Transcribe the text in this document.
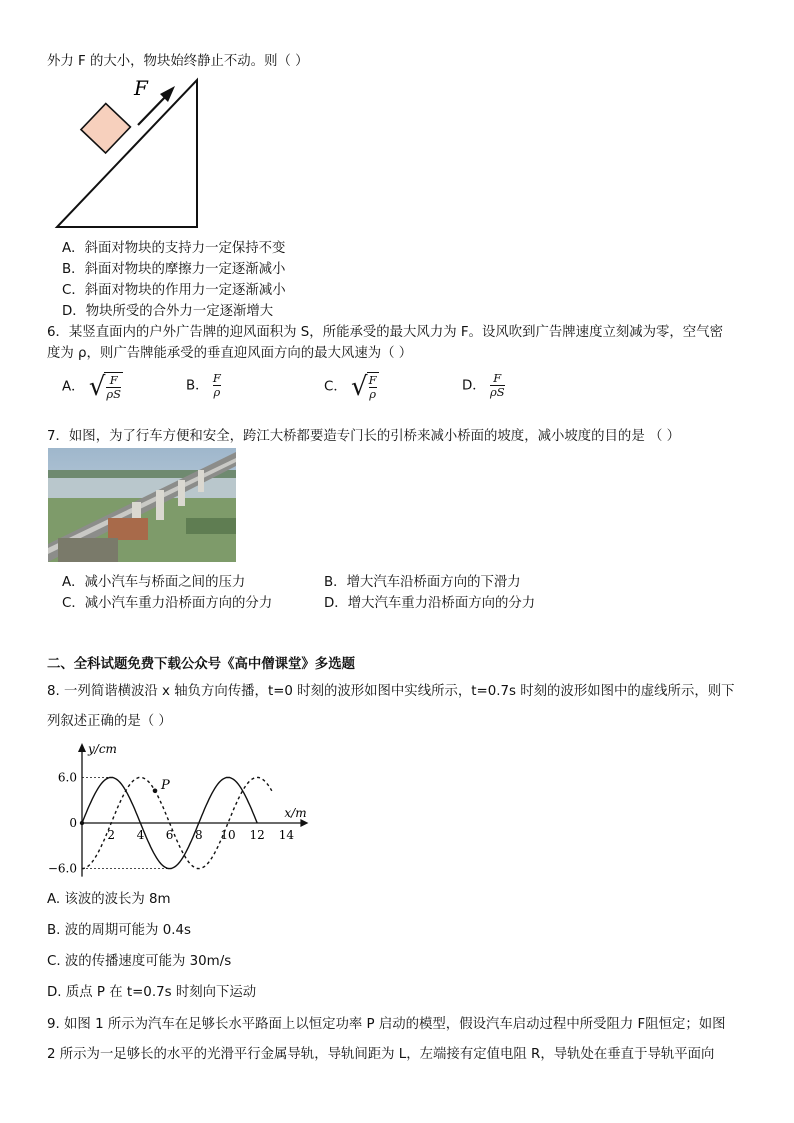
外力 F 的大小，物块始终静止不动。则（ ）
F
A．斜面对物块的支持力一定保持不变
B．斜面对物块的摩擦力一定逐渐减小
C．斜面对物块的作用力一定逐渐减小
D．物块所受的合外力一定逐渐增大
6．某竖直面内的户外广告牌的迎风面积为 S，所能承受的最大风力为 F。设风吹到广告牌速度立刻减为零，空气密
度为 ρ，则广告牌能承受的垂直迎风面方向的最大风速为（ ）
A． √ $\frac{F}{\rho S}$	B． $\frac{F}{\rho}$	C． √ $\frac{F}{\rho}$	D． $\frac{F}{\rho S}$
7．如图，为了行车方便和安全，跨江大桥都要造专门长的引桥来减小桥面的坡度，减小坡度的目的是 （ ）
A．减小汽车与桥面之间的压力	B．增大汽车沿桥面方向的下滑力
C．减小汽车重力沿桥面方向的分力	D．增大汽车重力沿桥面方向的分力
二、全科试题免费下载公众号《高中僧课堂》多选题
8. 一列简谐横波沿 x 轴负方向传播，t=0 时刻的波形如图中实线所示，t=0.7s 时刻的波形如图中的虚线所示，则下
列叙述正确的是（ ）
y/cm
x/m
6.0
0
−6.0
2 4 6 8 10 12 14
P
A. 该波的波长为 8m
B. 波的周期可能为 0.4s
C. 波的传播速度可能为 30m/s
D. 质点 P 在 t=0.7s 时刻向下运动
9. 如图 1 所示为汽车在足够长水平路面上以恒定功率 P 启动的模型，假设汽车启动过程中所受阻力 F阻恒定；如图
2 所示为一足够长的水平的光滑平行金属导轨，导轨间距为 L，左端接有定值电阻 R，导轨处在垂直于导轨平面向
